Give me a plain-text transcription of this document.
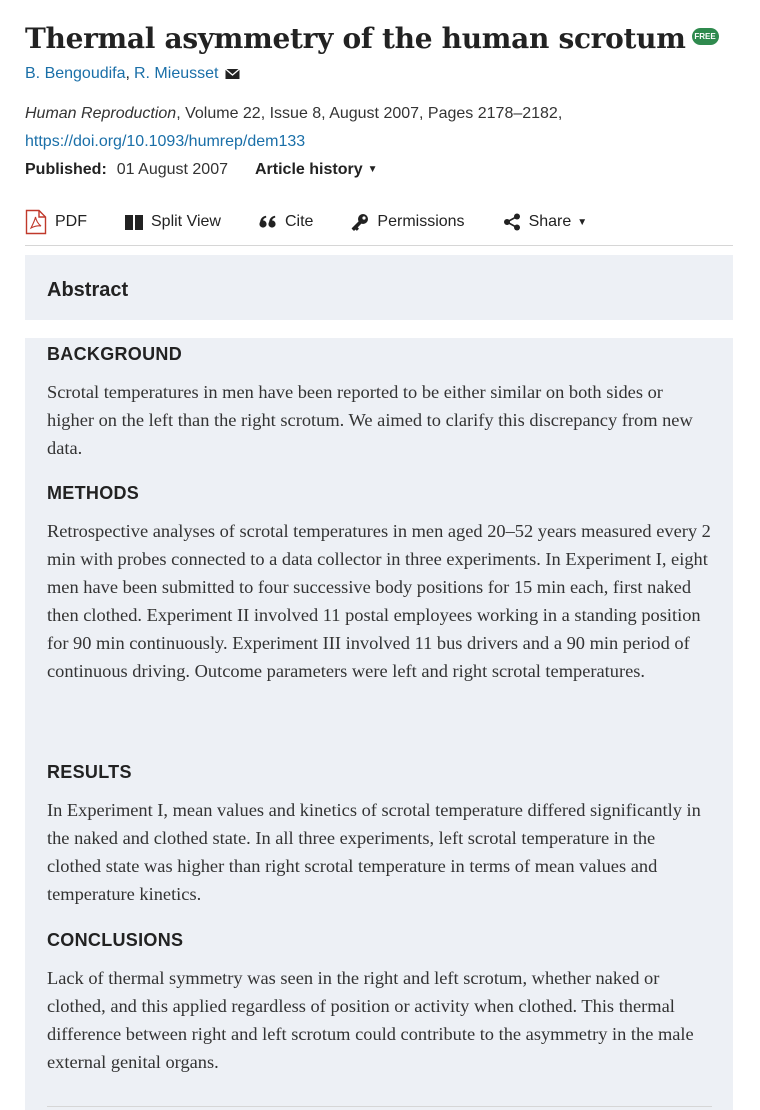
Thermal asymmetry of the human scrotum	FREE
B. Bengoudifa , R. Mieusset
Human Reproduction, Volume 22, Issue 8, August 2007, Pages 2178–2182,
https://doi.org/10.1093/humrep/dem133
Published: 01 August 2007 Article history ▼
PDF	Split View	Cite	Permissions	Share ▼
Abstract
BACKGROUND

Scrotal temperatures in men have been reported to be either similar on both sides or higher on the left than the right scrotum. We aimed to clarify this discrepancy from new data.

METHODS

Retrospective analyses of scrotal temperatures in men aged 20–52 years measured every 2 min with probes connected to a data collector in three experiments. In Experiment I, eight men have been submitted to four successive body positions for 15 min each, first naked then clothed. Experiment II involved 11 postal employees working in a standing position for 90 min continuously. Experiment III involved 11 bus drivers and a 90 min period of continuous driving. Outcome parameters were left and right scrotal temperatures.

RESULTS

In Experiment I, mean values and kinetics of scrotal temperature differed significantly in the naked and clothed state. In all three experiments, left scrotal temperature in the clothed state was higher than right scrotal temperature in terms of mean values and temperature kinetics.

CONCLUSIONS

Lack of thermal symmetry was seen in the right and left scrotum, whether naked or clothed, and this applied regardless of position or activity when clothed. This thermal difference between right and left scrotum could contribute to the asymmetry in the male external genital organs.
